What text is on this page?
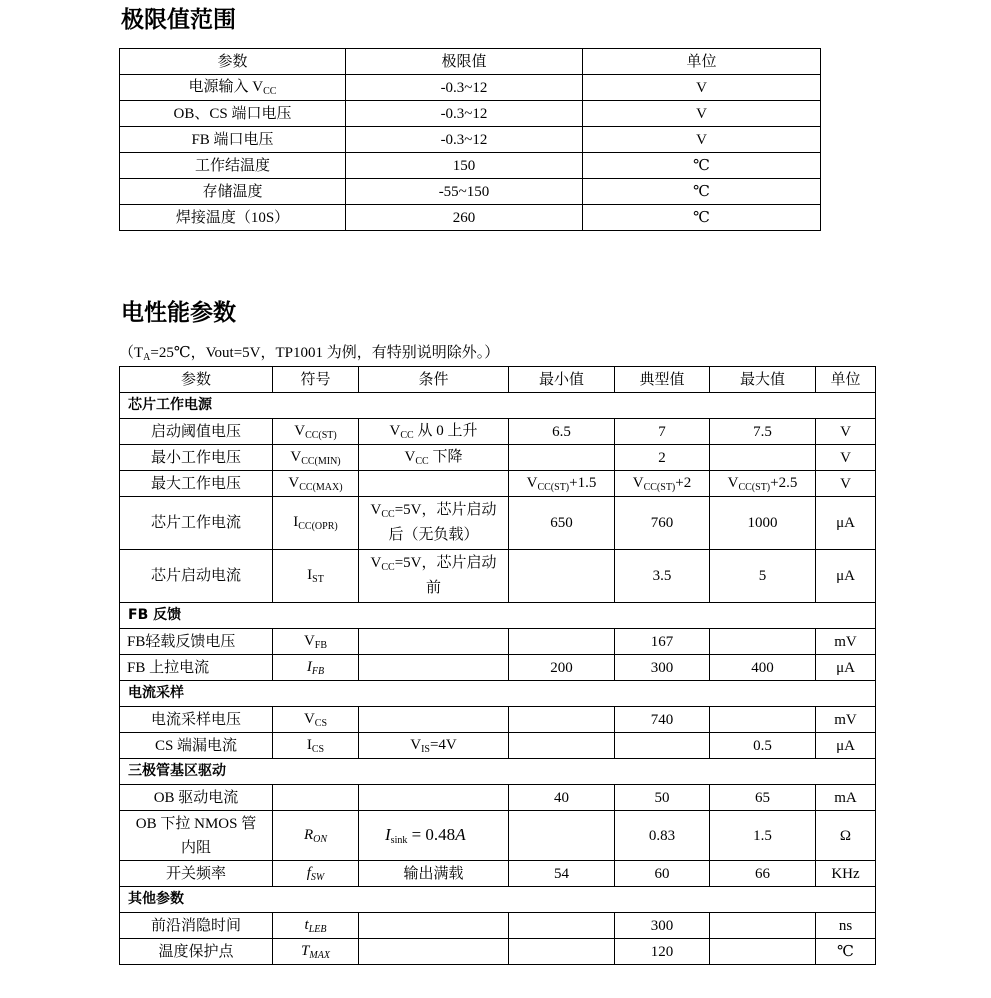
极限值范围
参数	极限值	单位
电源输入 $V_{CC}$	-0.3~12	V
OB、CS 端口电压	-0.3~12	V
FB 端口电压	-0.3~12	V
工作结温度	150	℃
存储温度	-55~150	℃
焊接温度（10S）	260	℃
电性能参数
（$T_A=25℃$，Vout=5V，TP1001 为例，有特别说明除外。）
参数	符号	条件	最小值	典型值	最大值	单位
芯片工作电源						
启动阈值电压	$V_{CC(ST)}$	$V_{CC}$ 从 0 上升	6.5	7	7.5	V
最小工作电压	$V_{CC(MIN)}$	$V_{CC}$ 下降		2		V
最大工作电压	$V_{CC(MAX)}$		$V_{CC(ST)}+1.5$	$V_{CC(ST)}+2$	$V_{CC(ST)}+2.5$	V
芯片工作电流	$I_{CC(OPR)}$	$V_{CC}=5V$，芯片启动后（无负载）	650	760	1000	μA
芯片启动电流	$I_{ST}$	$V_{CC}=5V$，芯片启动前		3.5	5	μA
FB 反馈						
FB轻载反馈电压	$V_{FB}$			167		mV
FB 上拉电流	$I_{FB}$		200	300	400	μA
电流采样						
电流采样电压	$V_{CS}$			740		mV
CS 端漏电流	$I_{CS}$	$V_{IS}=4V$			0.5	μA
三极管基区驱动						
OB 驱动电流			40	50	65	mA
OB 下拉 NMOS 管内阻	$R_{ON}$	$I_{sink} = 0.48A$		0.83	1.5	Ω
开关频率	$f_{SW}$	输出满载	54	60	66	KHz
其他参数						
前沿消隐时间	$t_{LEB}$			300		ns
温度保护点	$T_{MAX}$			120		℃
